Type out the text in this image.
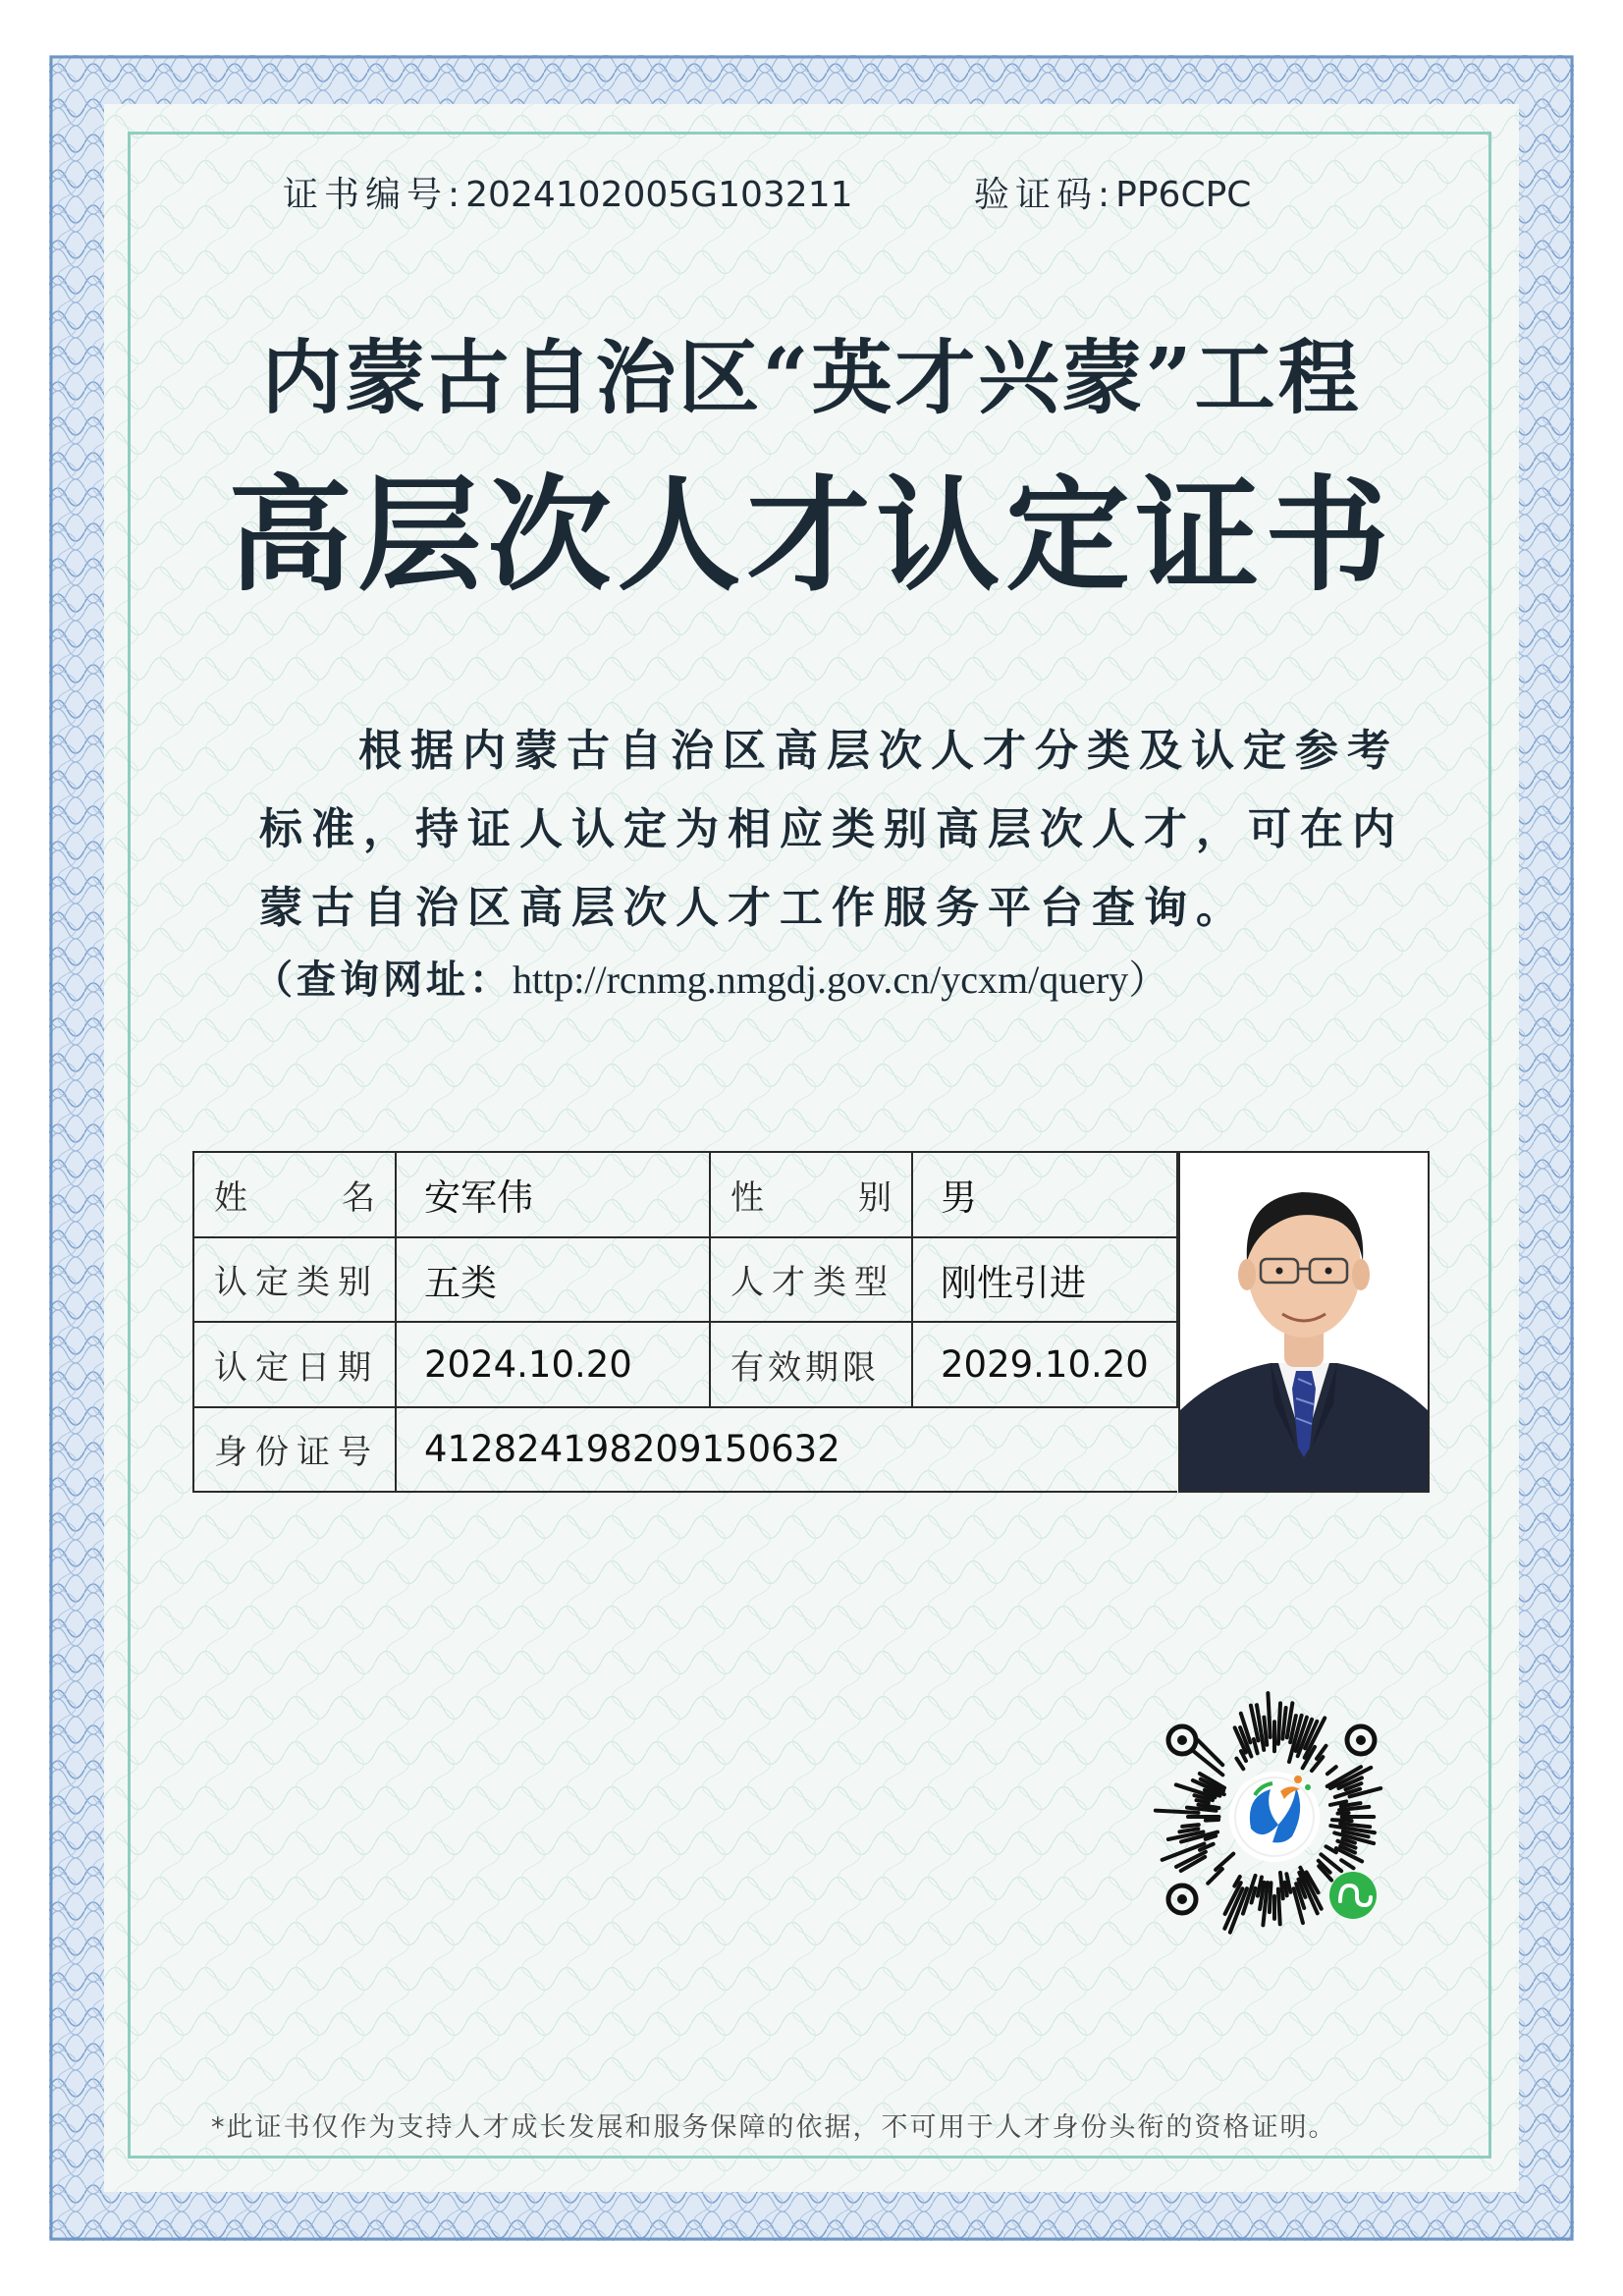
证书编号:2024102005G103211	验证码:PP6CPC
内蒙古自治区“英才兴蒙”工程
高层次人才认定证书
根据内蒙古自治区高层次人才分类及认定参考
标准，持证人认定为相应类别高层次人才，可在内
蒙古自治区高层次人才工作服务平台查询。
（查询网址：http://rcnmg.nmgdj.gov.cn/ycxm/query）
姓 名	安军伟	性 别	男
认定类别	五类	人才类型	刚性引进
认定日期	2024.10.20	有效期限	2029.10.20
身份证号	412824198209150632		
*此证书仅作为支持人才成长发展和服务保障的依据，不可用于人才身份头衔的资格证明。
